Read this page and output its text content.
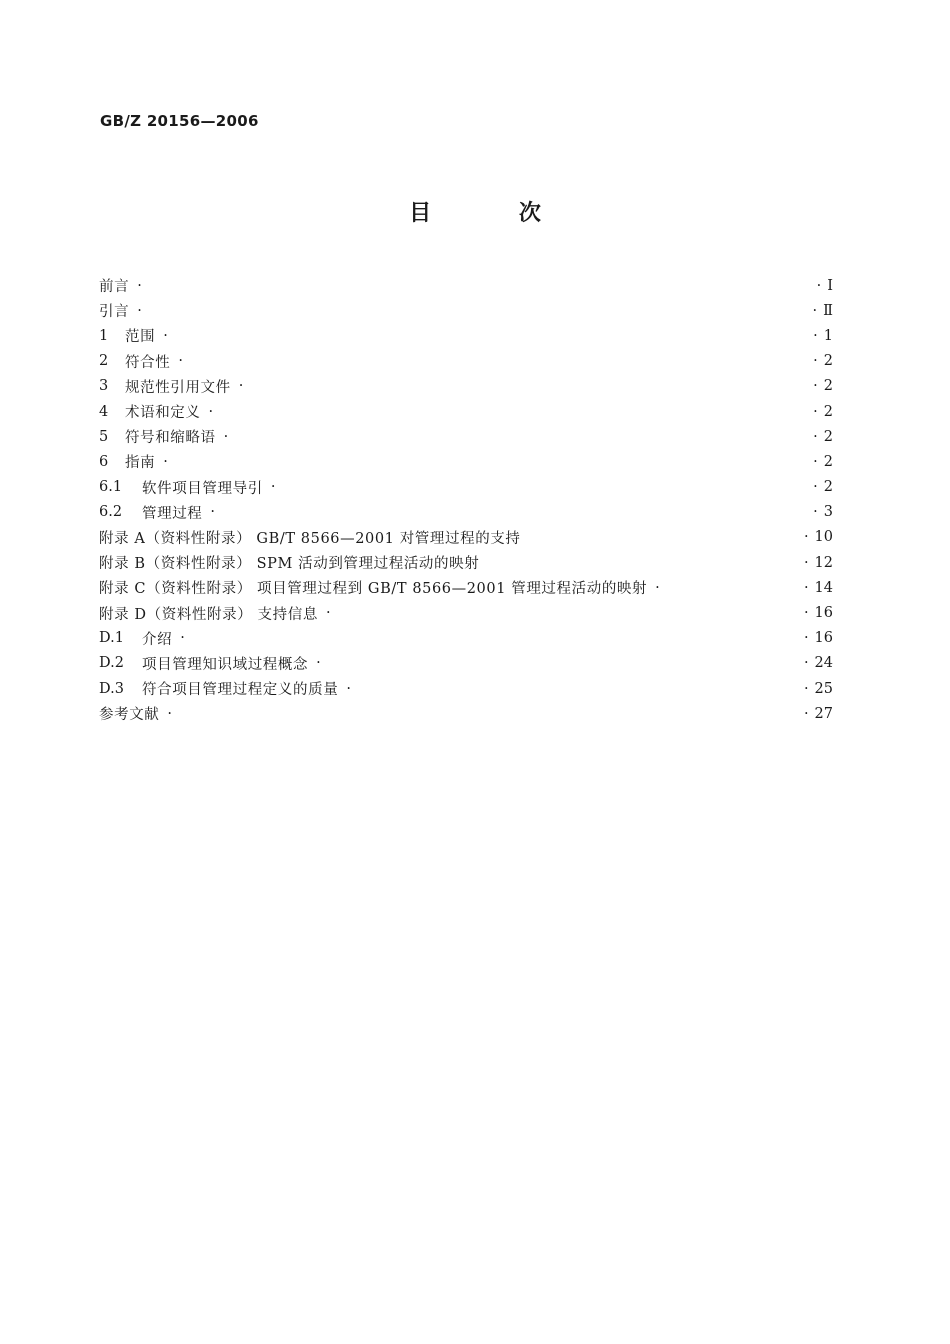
GB/Z 20156—2006
目 次
前言 ·	· Ⅰ
引言 ·	· Ⅱ
1	范围 ·	· 1
2	符合性 ·	· 2
3	规范性引用文件 ·	· 2
4	术语和定义 ·	· 2
5	符号和缩略语 ·	· 2
6	指南 ·	· 2
6.1	软件项目管理导引 ·	· 2
6.2	管理过程 ·	· 3
附录 A（资料性附录） GB/T 8566—2001 对管理过程的支持	· 10
附录 B（资料性附录） SPM 活动到管理过程活动的映射	· 12
附录 C（资料性附录） 项目管理过程到 GB/T 8566—2001 管理过程活动的映射 ·	· 14
附录 D（资料性附录） 支持信息 ·	· 16
D.1	介绍 ·	· 16
D.2	项目管理知识域过程概念 ·	· 24
D.3	符合项目管理过程定义的质量 ·	· 25
参考文献 ·	· 27
